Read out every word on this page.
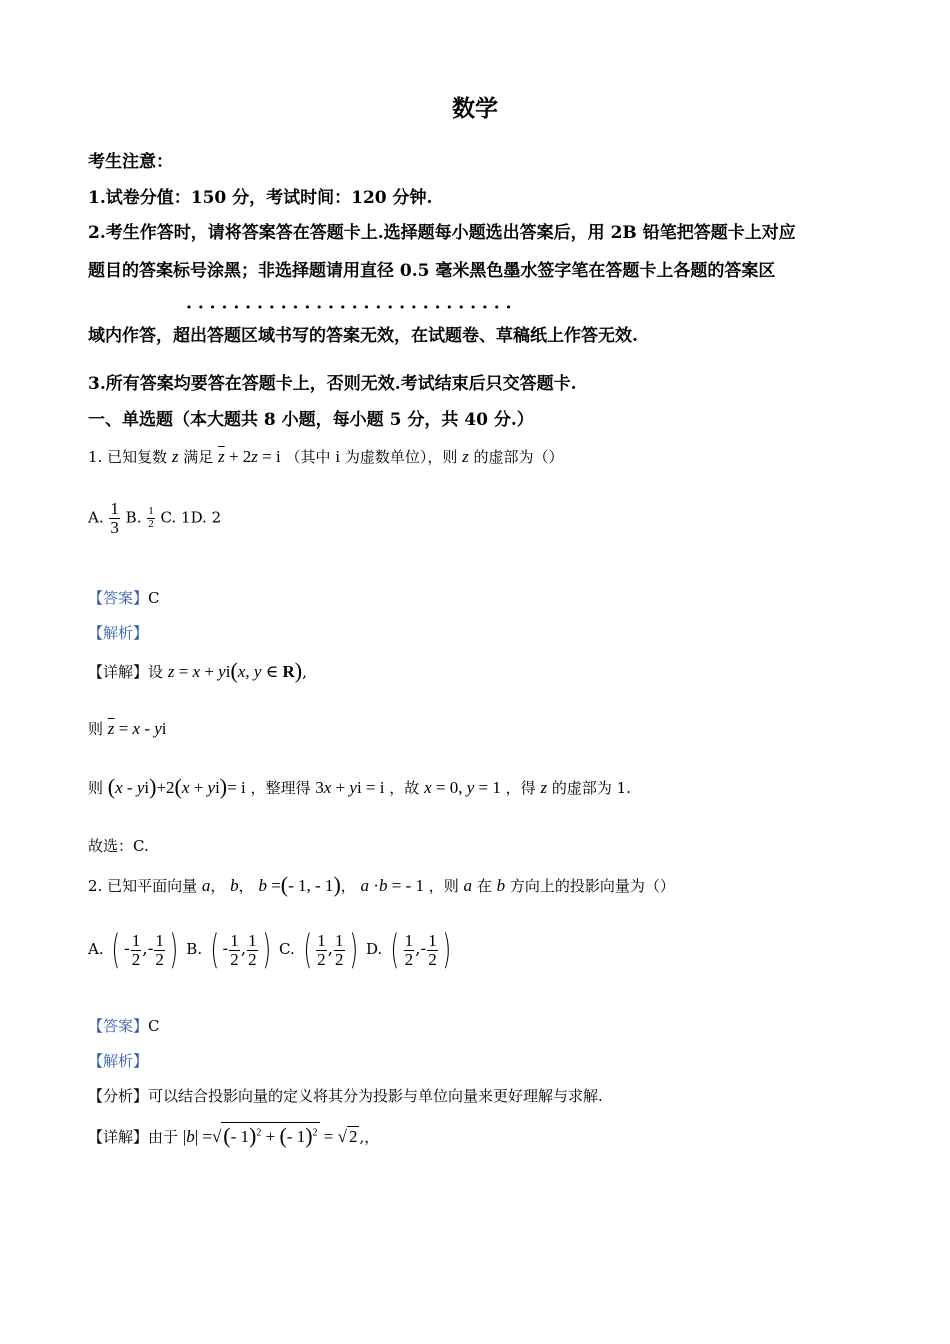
数学
考生注意：
1.试卷分值：150 分，考试时间：120 分钟.
2.考生作答时，请将答案答在答题卡上.选择题每小题选出答案后，用 2B 铅笔把答题卡上对应
题目的答案标号涂黑；非选择题请用直径 0.5 毫米黑色墨水签字笔在答题卡上各题的答案区
· · · · · · · · · · · · · · · · · · · · · · · · · · · ·
域内作答，超出答题区域书写的答案无效，在试题卷、草稿纸上作答无效.
3.所有答案均要答在答题卡上，否则无效.考试结束后只交答题卡.
一、单选题（本大题共 8 小题，每小题 5 分，共 40 分.）
1. 已知复数 z 满足 $\overline{z} + 2z = i$ （其中 i 为虚数单位），则 z 的虚部为（）
A. $\frac{1}{3} B$. $\frac{1}{2} C$. 1D. 2
【答案】C
【解析】
【详解】设 z = x + yi(x, y ∈ R),
则 $\overline{z} = x$ - yi
则 (x - yi)+2(x + yi)= i ，整理得 3x + yi = i ，故 x = 0, y = 1 ，得 z 的虚部为 1.
故选：C.
2. 已知平面向量 a， b， b =(- 1, - 1)， a ·b = - 1 ，则 a 在 b 方向上的投影向量为（）
A. ( - $\frac{1}{2}$ ,- $\frac{1}{2}$ ) B. ( - $\frac{1}{2}$ , $\frac{1}{2}$ ) C. ( $\frac{1}{2}$ , $\frac{1}{2}$ ) D. ( $\frac{1}{2}$ ,- $\frac{1}{2}$ )
【答案】C
【解析】
【分析】可以结合投影向量的定义将其分为投影与单位向量来更好理解与求解.
【详解】由于 |b| =√(- 1)$^2$ + (- 1)$^2$ = √ 2 ,，
